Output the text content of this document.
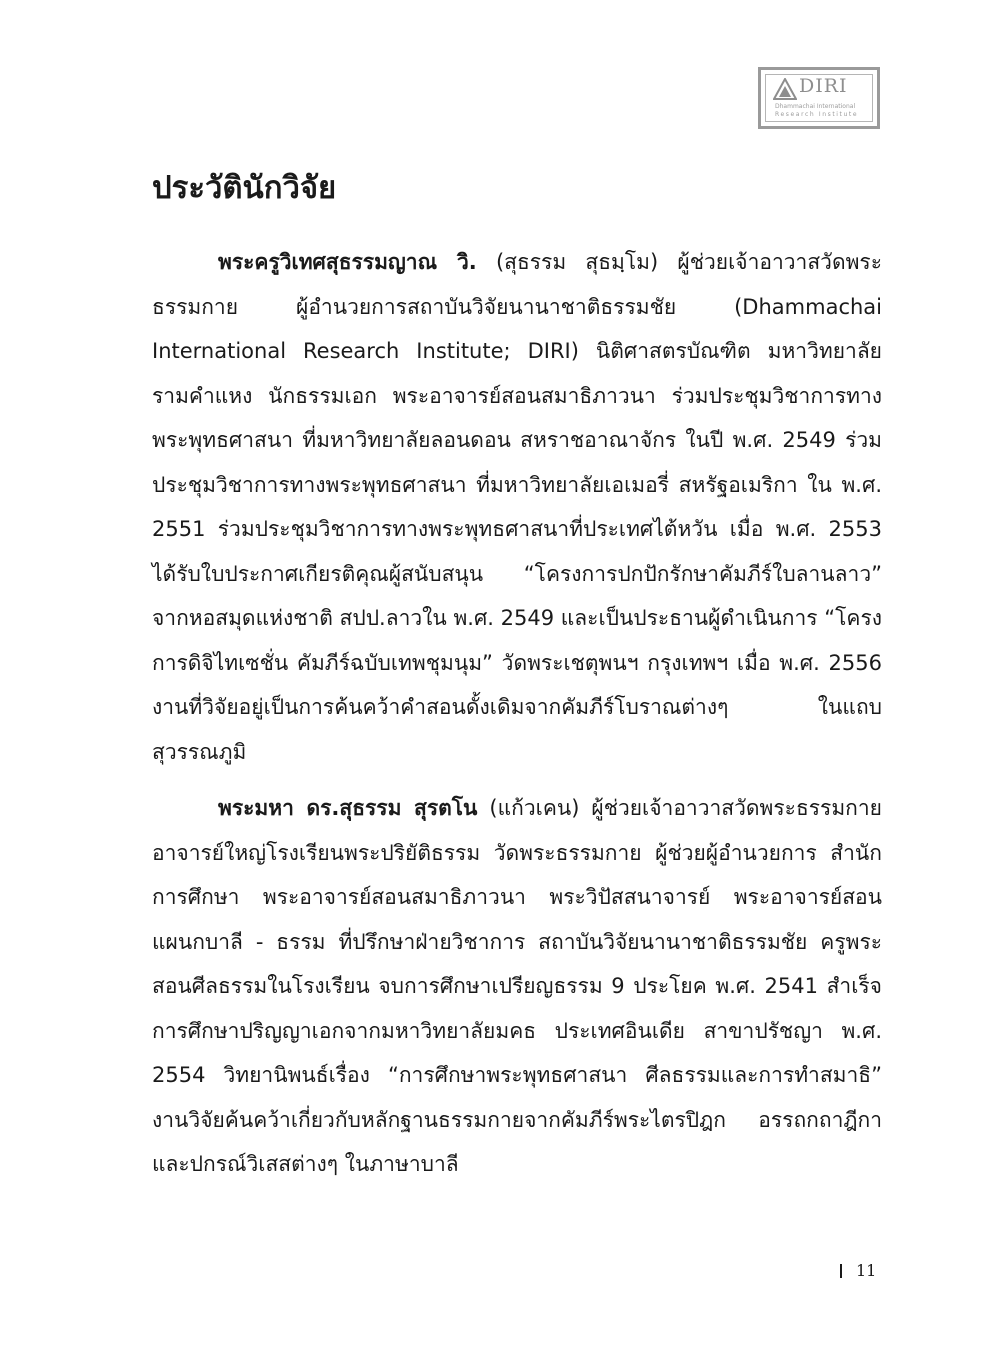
DIRI
Dhammachai International
Research Institute
ประวัตินักวิจัย

พระครูวิเทศสุธรรมญาณ วิ. (สุธรรม สุธมฺโม) ผู้ช่วยเจ้าอาวาสวัดพระธรรมกาย ผู้อำนวยการสถาบันวิจัยนานาชาติธรรมชัย (Dhammachai International Research Institute; DIRI) นิติศาสตรบัณฑิต มหาวิทยาลัยรามคำแหง นักธรรมเอก พระอาจารย์สอนสมาธิภาวนา ร่วมประชุมวิชาการทางพระพุทธศาสนา ที่มหาวิทยาลัยลอนดอน สหราชอาณาจักร ในปี พ.ศ. 2549 ร่วมประชุมวิชาการทางพระพุทธศาสนา ที่มหาวิทยาลัยเอเมอรี่ สหรัฐอเมริกา ใน พ.ศ. 2551 ร่วมประชุมวิชาการทางพระพุทธศาสนาที่ประเทศไต้หวัน เมื่อ พ.ศ. 2553 ได้รับใบประกาศเกียรติคุณผู้สนับสนุน “โครงการปกปักรักษาคัมภีร์ใบลานลาว” จากหอสมุดแห่งชาติ สปป.ลาวใน พ.ศ. 2549 และเป็นประธานผู้ดำเนินการ “โครงการดิจิไทเซชั่น คัมภีร์ฉบับเทพชุมนุม” วัดพระเชตุพนฯ กรุงเทพฯ เมื่อ พ.ศ. 2556 งานที่วิจัยอยู่เป็นการค้นคว้าคำสอนดั้งเดิมจากคัมภีร์โบราณต่างๆ ในแถบสุวรรณภูมิ

พระมหา ดร.สุธรรม สุรตโน (แก้วเคน) ผู้ช่วยเจ้าอาวาสวัดพระธรรมกาย อาจารย์ใหญ่โรงเรียนพระปริยัติธรรม วัดพระธรรมกาย ผู้ช่วยผู้อำนวยการ สำนักการศึกษา พระอาจารย์สอนสมาธิภาวนา พระวิปัสสนาจารย์ พระอาจารย์สอนแผนกบาลี - ธรรม ที่ปรึกษาฝ่ายวิชาการ สถาบันวิจัยนานาชาติธรรมชัย ครูพระสอนศีลธรรมในโรงเรียน จบการศึกษาเปรียญธรรม 9 ประโยค พ.ศ. 2541 สำเร็จการศึกษาปริญญาเอกจากมหาวิทยาลัยมคธ ประเทศอินเดีย สาขาปรัชญา พ.ศ. 2554 วิทยานิพนธ์เรื่อง “การศึกษาพระพุทธศาสนา ศีลธรรมและการทำสมาธิ” งานวิจัยค้นคว้าเกี่ยวกับหลักฐานธรรมกายจากคัมภีร์พระไตรปิฎก อรรถกถาฎีกาและปกรณ์วิเสสต่างๆ ในภาษาบาลี

11
